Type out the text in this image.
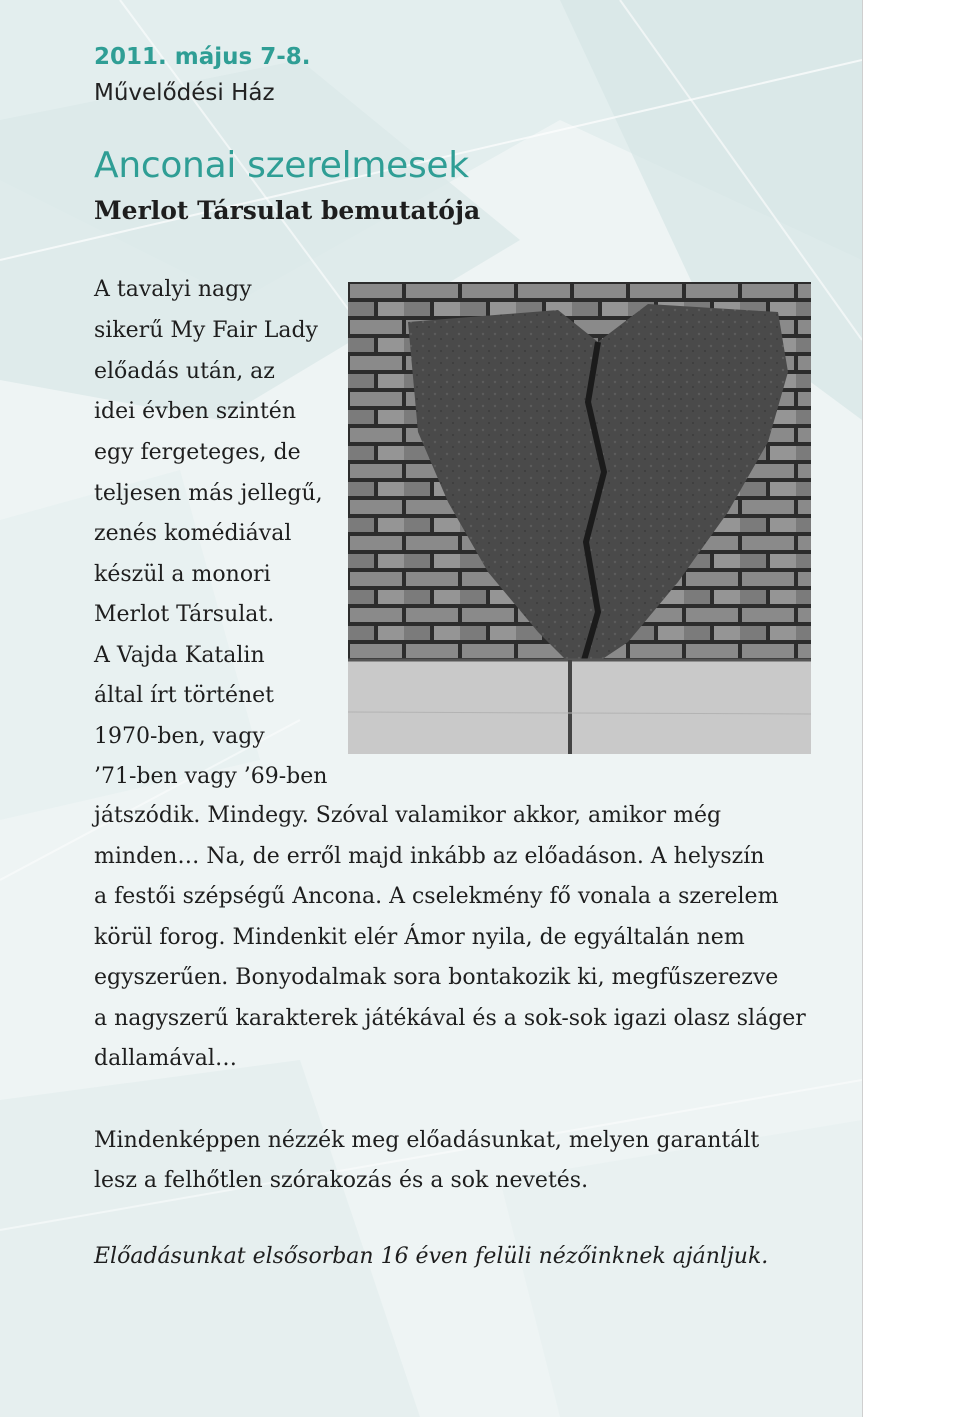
2011. május 7-8.
Művelődési Ház
Anconai szerelmesek
Merlot Társulat bemutatója
A tavalyi nagy
sikerű My Fair Lady
előadás után, az
idei évben szintén
egy fergeteges, de
teljesen más jellegű,
zenés komédiával
készül a monori
Merlot Társulat.
A Vajda Katalin
által írt történet
1970-ben, vagy
’71-ben vagy ’69-ben
játszódik. Mindegy. Szóval valamikor akkor, amikor még
minden… Na, de erről majd inkább az előadáson. A helyszín
a festői szépségű Ancona. A cselekmény fő vonala a szerelem
körül forog. Mindenkit elér Ámor nyila, de egyáltalán nem
egyszerűen. Bonyodalmak sora bontakozik ki, megfűszerezve
a nagyszerű karakterek játékával és a sok-sok igazi olasz sláger
dallamával…
Mindenképpen nézzék meg előadásunkat, melyen garantált
lesz a felhőtlen szórakozás és a sok nevetés.
Előadásunkat elsősorban 16 éven felüli nézőinknek ajánljuk.
